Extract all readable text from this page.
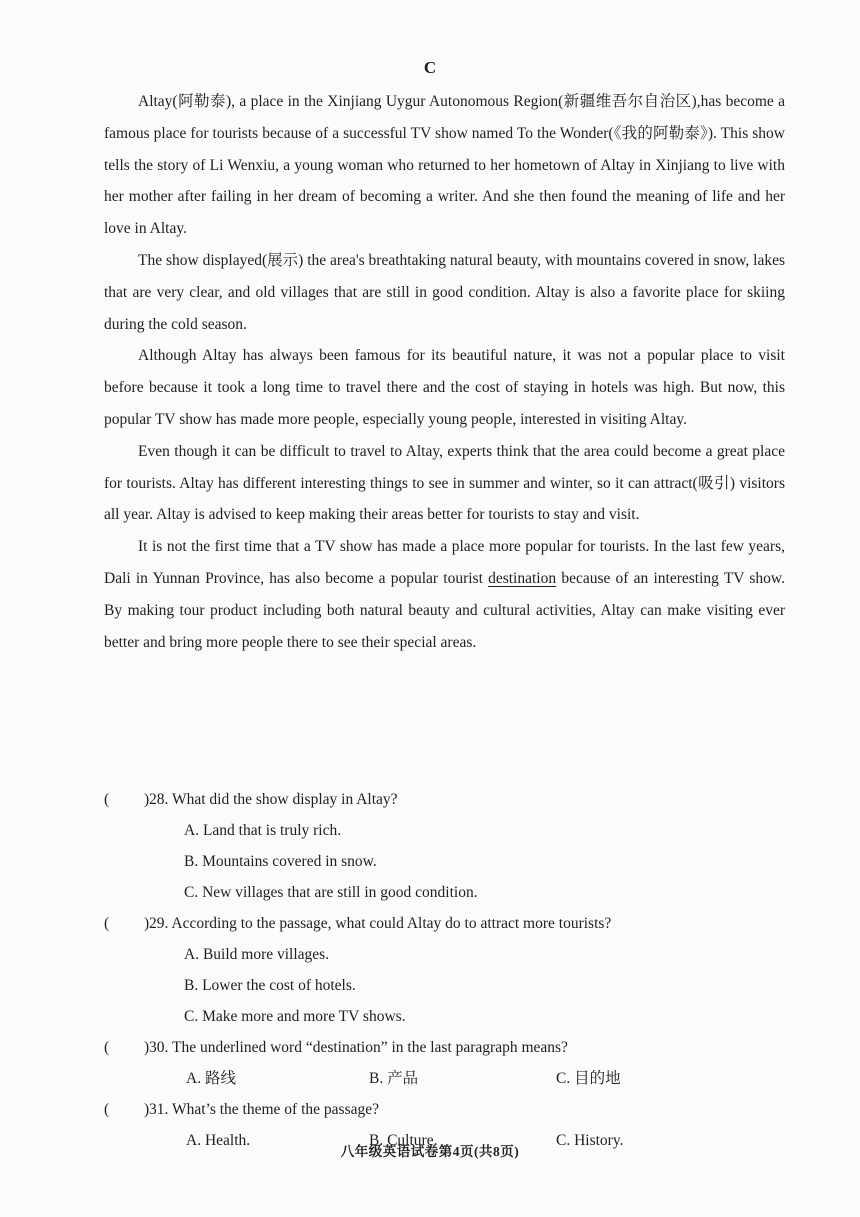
C

Altay(阿勒泰), a place in the Xinjiang Uygur Autonomous Region(新疆维吾尔自治区),has become a famous place for tourists because of a successful TV show named To the Wonder(《我的阿勒泰》). This show tells the story of Li Wenxiu, a young woman who returned to her hometown of Altay in Xinjiang to live with her mother after failing in her dream of becoming a writer. And she then found the meaning of life and her love in Altay.

The show displayed(展示) the area's breathtaking natural beauty, with mountains covered in snow, lakes that are very clear, and old villages that are still in good condition. Altay is also a favorite place for skiing during the cold season.

Although Altay has always been famous for its beautiful nature, it was not a popular place to visit before because it took a long time to travel there and the cost of staying in hotels was high. But now, this popular TV show has made more people, especially young people, interested in visiting Altay.

Even though it can be difficult to travel to Altay, experts think that the area could become a great place for tourists. Altay has different interesting things to see in summer and winter, so it can attract(吸引) visitors all year. Altay is advised to keep making their areas better for tourists to stay and visit.

It is not the first time that a TV show has made a place more popular for tourists. In the last few years, Dali in Yunnan Province, has also become a popular tourist destination because of an interesting TV show. By making tour product including both natural beauty and cultural activities, Altay can make visiting ever better and bring more people there to see their special areas.

( ) 28. What did the show display in Altay?
A. Land that is truly rich.
B. Mountains covered in snow.
C. New villages that are still in good condition.
( ) 29. According to the passage, what could Altay do to attract more tourists?
A. Build more villages.
B. Lower the cost of hotels.
C. Make more and more TV shows.
( ) 30. The underlined word “destination” in the last paragraph means?
A. 路线	B. 产品	C. 目的地
( ) 31. What’s the theme of the passage?
A. Health.	B. Culture.	C. History.
八年级英语试卷第4页(共8页)
